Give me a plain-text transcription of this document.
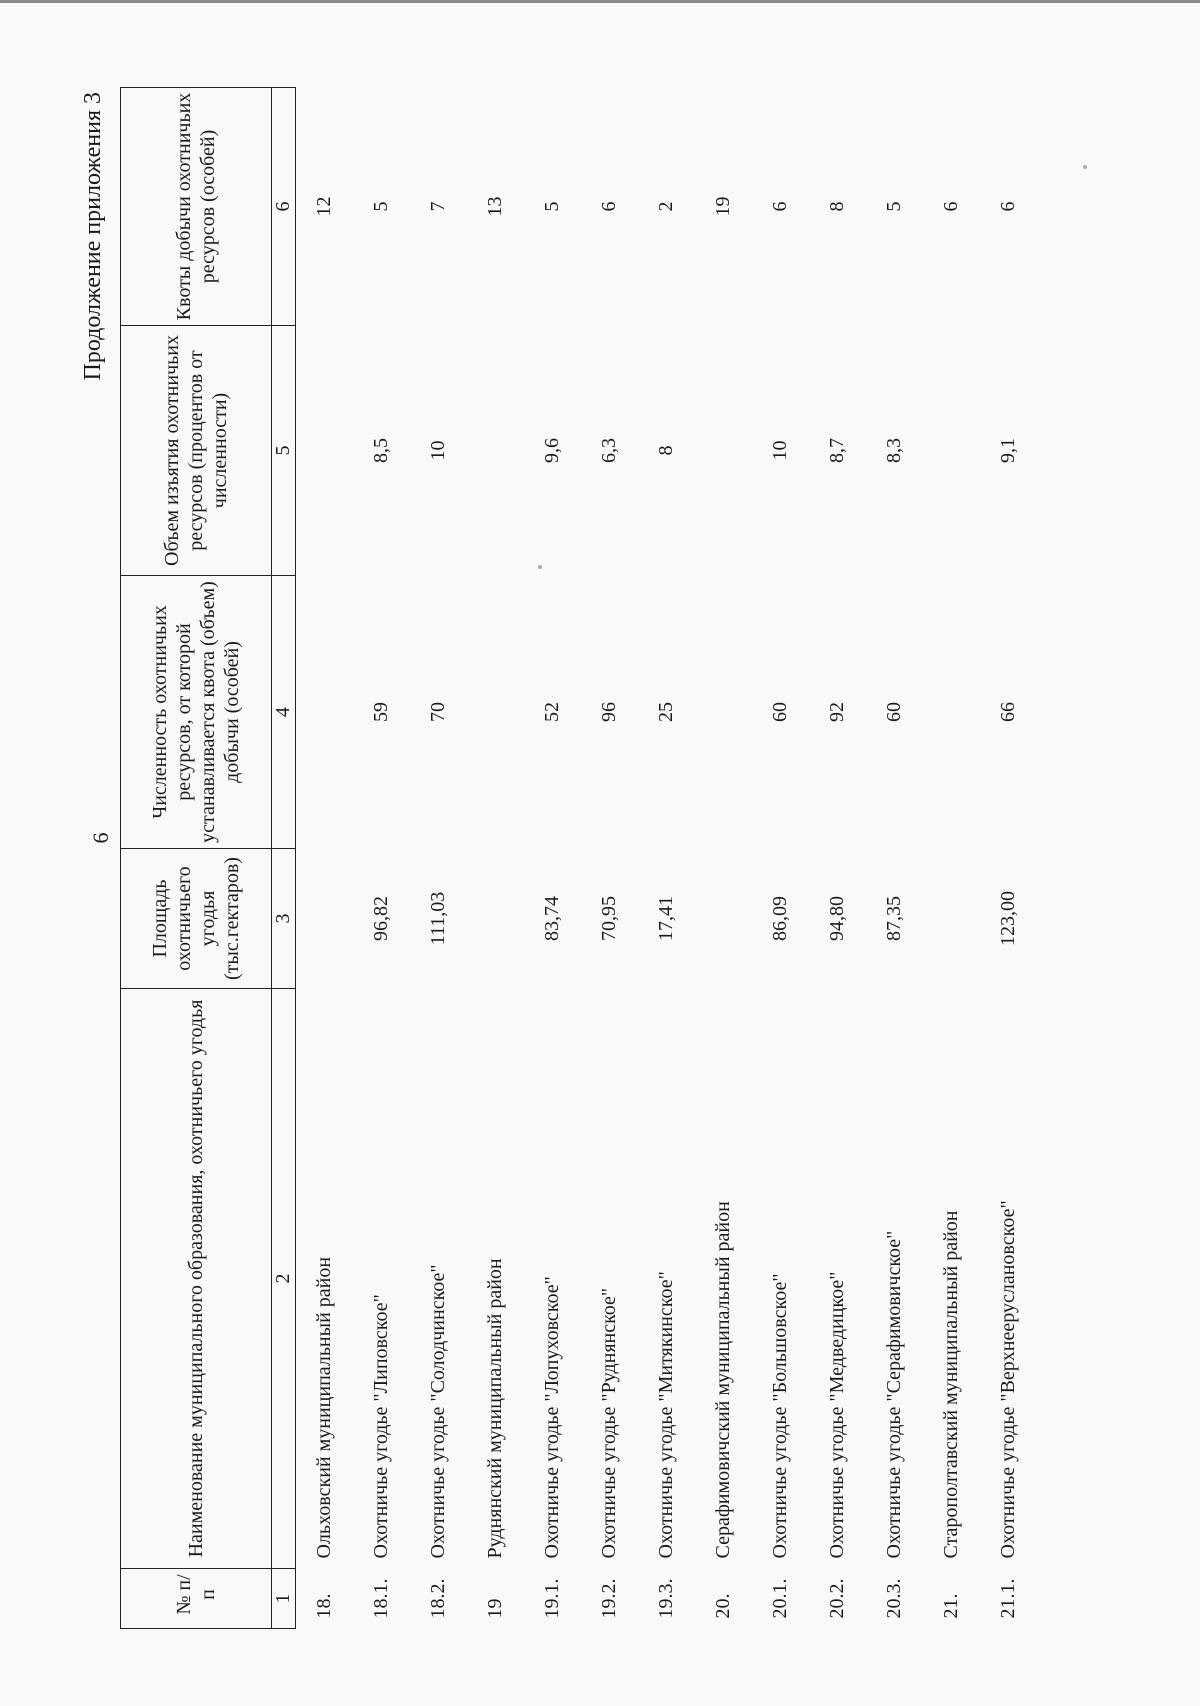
6
Продолжение приложения 3
№ п/п	Наименование муниципального образования, охотничьего угодья	Площадь охотничьего угодья (тыс.гектаров)	Численность охотничьих ресурсов, от которой устанавливается квота (объем) добычи (особей)	Объем изъятия охотничьих ресурсов (процентов от численности)	Квоты добычи охотничьих ресурсов (особей)
1	2	3	4	5	6
18.	Ольховский муниципальный район				12
18.1.	Охотничье угодье "Липовское"	96,82	59	8,5	5
18.2.	Охотничье угодье "Солодчинское"	111,03	70	10	7
19	Руднянский муниципальный район				13
19.1.	Охотничье угодье "Лопуховское"	83,74	52	9,6	5
19.2.	Охотничье угодье "Руднянское"	70,95	96	6,3	6
19.3.	Охотничье угодье "Митякинское"	17,41	25	8	2
20.	Серафимовичский муниципальный район				19
20.1.	Охотничье угодье "Большовское"	86,09	60	10	6
20.2.	Охотничье угодье "Медведицкое"	94,80	92	8,7	8
20.3.	Охотничье угодье "Серафимовичское"	87,35	60	8,3	5
21.	Старополтавский муниципальный район				6
21.1.	Охотничье угодье "Верхнееруслановское"	123,00	66	9,1	6
